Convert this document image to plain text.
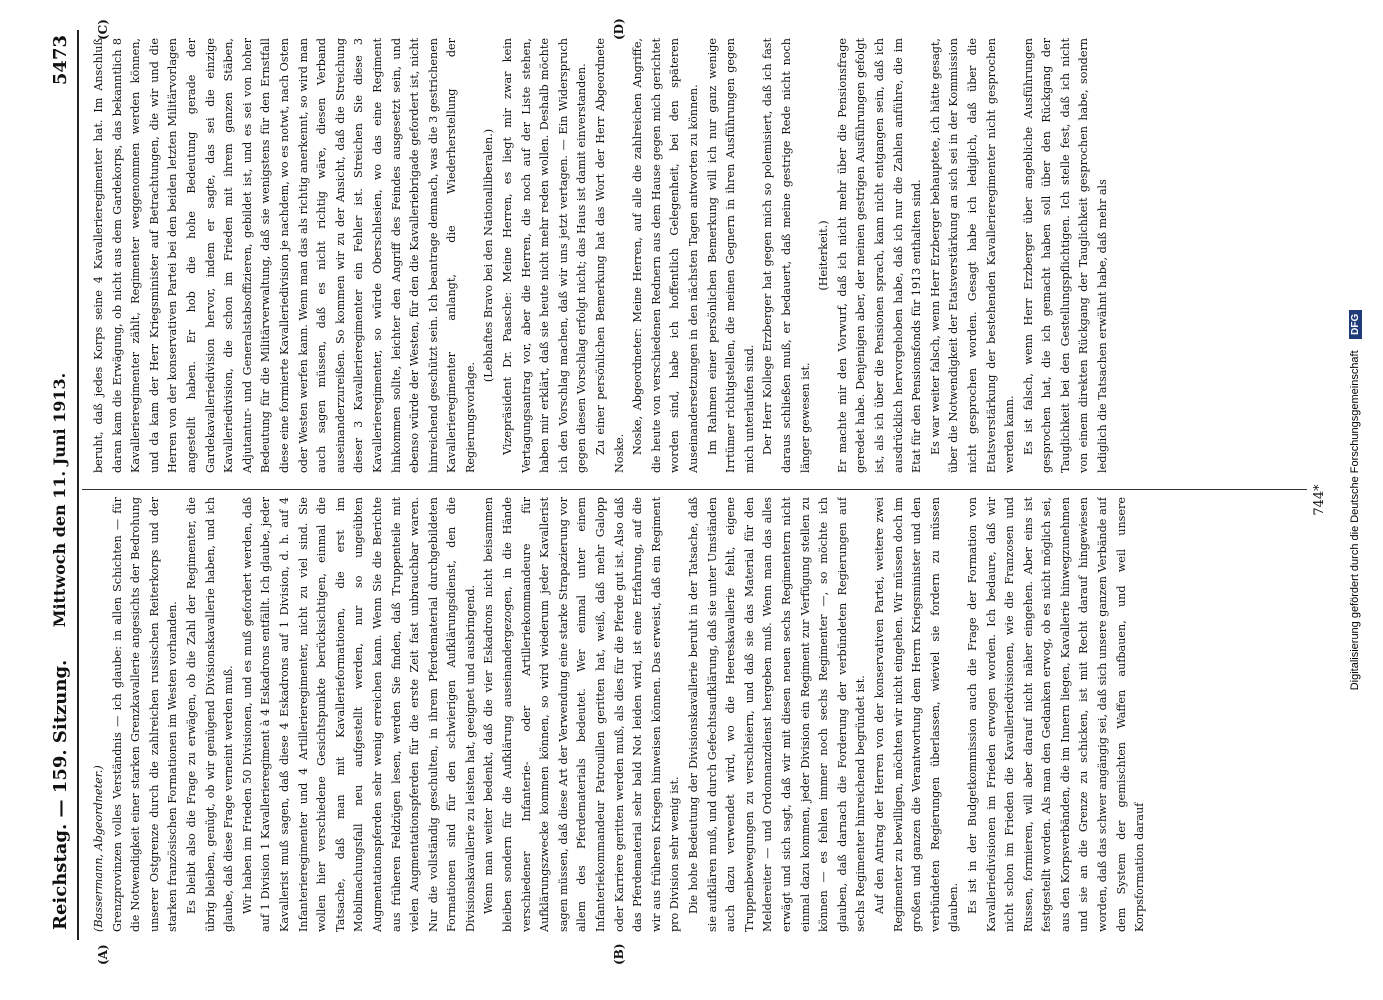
Reichstag. — 159. Sitzung.
Mittwoch den 11. Juni 1913.
5473
(A)	(B)
(C)	(D)

(Bassermann, Abgeordneter.) Grenzprovinzen volles Verständnis — ich glaube: in allen Schichten — für die Notwendigkeit einer starken Grenzkavallerie angesichts der Bedrohung unserer Ostgrenze durch die zahlreichen russischen Reiterkorps und der starken französischen Formationen im Westen vorhanden. Es bleibt also die Frage zu erwägen, ob die Zahl der Regimenter, die übrig bleiben, genügt, ob wir genügend Divisionskavallerie haben, und ich glaube, daß diese Frage verneint werden muß. Wir haben im Frieden 50 Divisionen, und es muß gefordert werden, daß auf 1 Division 1 Kavallerieregiment à 4 Eskadrons entfällt. Ich glaube, jeder Kavallerist muß sagen, daß diese 4 Eskadrons auf 1 Division, d. h. auf 4 Infanterieregimenter und 4 Artillerieregimenter, nicht zu viel sind. Sie wollen hier verschiedene Gesichtspunkte berücksichtigen, einmal die Tatsache, daß man mit Kavallerieformationen, die erst im Mobilmachungsfall neu aufgestellt werden, nur so ungeübten Augmentationspferden sehr wenig erreichen kann. Wenn Sie die Berichte aus früheren Feldzügen lesen, werden Sie finden, daß Truppenteile mit vielen Augmentationspferden für die erste Zeit fast unbrauchbar waren. Nur die vollständig geschulten, in ihrem Pferdematerial durchgebildeten Formationen sind für den schwierigen Aufklärungsdienst, den die Divisionskavallerie zu leisten hat, geeignet und ausbringend. Wenn man weiter bedenkt, daß die vier Eskadrons nicht beisammen bleiben sondern für die Aufklärung auseinandergezogen, in die Hände verschiedener Infanterie- oder Artilleriekommandeure für Aufklärungszwecke kommen können, so wird wiederum jeder Kavallerist sagen müssen, daß diese Art der Verwendung eine starke Strapazierung vor allem des Pferdematerials bedeutet. Wer einmal unter einem Infanteriekommandeur Patrouillen geritten hat, weiß, daß mehr Galopp oder Karriere geritten werden muß, als dies für die Pferde gut ist. Also daß das Pferdematerial sehr bald Not leiden wird, ist eine Erfahrung, auf die wir aus früheren Kriegen hinweisen können. Das erweist, daß ein Regiment pro Division sehr wenig ist. Die hohe Bedeutung der Divisionskavallerie beruht in der Tatsache, daß sie aufklären muß, und durch Gefechtsaufklärung, daß sie unter Umständen auch dazu verwendet wird, wo die Heereskavallerie fehlt, eigene Truppenbewegungen zu verschleiern, und daß sie das Material für den Meldereiter — und Ordonnanzdienst hergeben muß. Wenn man das alles erwägt und sich sagt, daß wir mit diesen neuen sechs Regimentern nicht einmal dazu kommen, jeder Division ein Regiment zur Verfügung stellen zu können — es fehlen immer noch sechs Regimenter —, so möchte ich glauben, daß darnach die Forderung der verbündeten Regierungen auf sechs Regimenter hinreichend begründet ist. Auf den Antrag der Herren von der konservativen Partei, weitere zwei Regimenter zu bewilligen, möchten wir nicht eingehen. Wir müssen doch im großen und ganzen die Verantwortung dem Herrn Kriegsminister und den verbündeten Regierungen überlassen, wieviel sie fordern zu müssen glauben. Es ist in der Budgetkommission auch die Frage der Formation von Kavalleriedivisionen im Frieden erwogen worden. Ich bedaure, daß wir nicht schon im Frieden die Kavalleriedivisionen, wie die Franzosen und Russen, formieren, will aber darauf nicht näher eingehen. Aber eins ist festgestellt worden. Als man den Gedanken erwog, ob es nicht möglich sei, aus den Korpsverbänden, die im Innern liegen, Kavallerie hinwegzunehmen und sie an die Grenze zu schicken, ist mit Recht darauf hingewiesen worden, daß das schwer angängig sei, daß sich unsere ganzen Verbände auf dem System der gemischten Waffen aufbauen, und weil unsere Korpsformation darauf

beruht, daß jedes Korps seine 4 Kavallerieregimenter hat. Im Anschluß daran kam die Erwägung, ob nicht aus dem Gardekorps, das bekanntlich 8 Kavallerieregimenter zählt, Regimenter weggenommen werden können, und da kam der Herr Kriegsminister auf Betrachtungen, die wir und die Herren von der konservativen Partei bei den beiden letzten Militärvorlagen angestellt haben. Er hob die hohe Bedeutung gerade der Gardekavalleriedivision hervor, indem er sagte, das sei die einzige Kavalleriedivision, die schon im Frieden mit ihrem ganzen Stäben, Adjutantur- und Generalstabsoffizieren, gebildet ist, und es sei von hoher Bedeutung für die Militärverwaltung, daß sie wenigstens für den Ernstfall diese eine formierte Kavalleriedivision je nachdem, wo es notwt, nach Osten oder Westen werfen kann. Wenn man das als richtig anerkennt, so wird man auch sagen müssen, daß es nicht richtig wäre, diesen Verband auseinanderzureißen. So kommen wir zu der Ansicht, daß die Streichung dieser 3 Kavallerieregimenter ein Fehler ist. Streichen Sie diese 3 Kavallerieregimenter, so würde Oberschlesien, wo das eine Regiment hinkommen sollte, leichter den Angriff des Feindes ausgesetzt sein, und ebenso würde der Westen, für den die Kavalleriebrigade gefordert ist, nicht hinreichend geschützt sein. Ich beantrage demnach, was die 3 gestrichenen Kavallerieregimenter anlangt, die Wiederherstellung der Regierungsvorlage.

(Lebhaftes Bravo bei den Nationalliberalen.) Vizepräsident Dr. Paasche: Meine Herren, es liegt mir zwar kein Vertagungsantrag vor, aber die Herren, die noch auf der Liste stehen, haben mir erklärt, daß sie heute nicht mehr reden wollen. Deshalb möchte ich den Vorschlag machen, daß wir uns jetzt vertagen. — Ein Widerspruch gegen diesen Vorschlag erfolgt nicht; das Haus ist damit einverstanden. Zu einer persönlichen Bemerkung hat das Wort der Herr Abgeordnete Noske. Noske, Abgeordneter: Meine Herren, auf alle die zahlreichen Angriffe, die heute von verschiedenen Rednern aus dem Hause gegen mich gerichtet worden sind, habe ich hoffentlich Gelegenheit, bei den späteren Auseinandersetzungen in den nächsten Tagen antworten zu können. Im Rahmen einer persönlichen Bemerkung will ich nur ganz wenige Irrtümer richtigstellen, die meinen Gegnern in ihren Ausführungen gegen mich unterlaufen sind. Der Herr Kollege Erzberger hat gegen mich so polemisiert, daß ich fast daraus schließen muß, er bedauert, daß meine gestrige Rede nicht noch länger gewesen ist.

(Heiterkeit.) Er machte mir den Vorwurf, daß ich nicht mehr über die Pensionsfrage geredet habe. Denjenigen aber, der meinen gestrigen Ausführungen gefolgt ist, als ich über die Pensionen sprach, kann nicht entgangen sein, daß ich ausdrücklich hervorgehoben habe, daß ich nur die Zahlen anführe, die im Etat für den Pensionsfonds für 1913 enthalten sind. Es war weiter falsch, wenn Herr Erzberger behauptete, ich hätte gesagt, über die Notwendigkeit der Etatsverstärkung an sich sei in der Kommission nicht gesprochen worden. Gesagt habe ich lediglich, daß über die Etatsverstärkung der bestehenden Kavallerieregimenter nicht gesprochen werden kann. Es ist falsch, wenn Herr Erzberger über angebliche Ausführungen gesprochen hat, die ich gemacht haben soll über den Rückgang der Tauglichkeit bei den Gestellungspflichtigen. Ich stelle fest, daß ich nicht von einem direkten Rückgang der Tauglichkeit gesprochen habe, sondern lediglich die Tatsachen erwähnt habe, daß mehr als

744* Digitalisierung gefördert durch die Deutsche Forschungsgemeinschaft DFG
